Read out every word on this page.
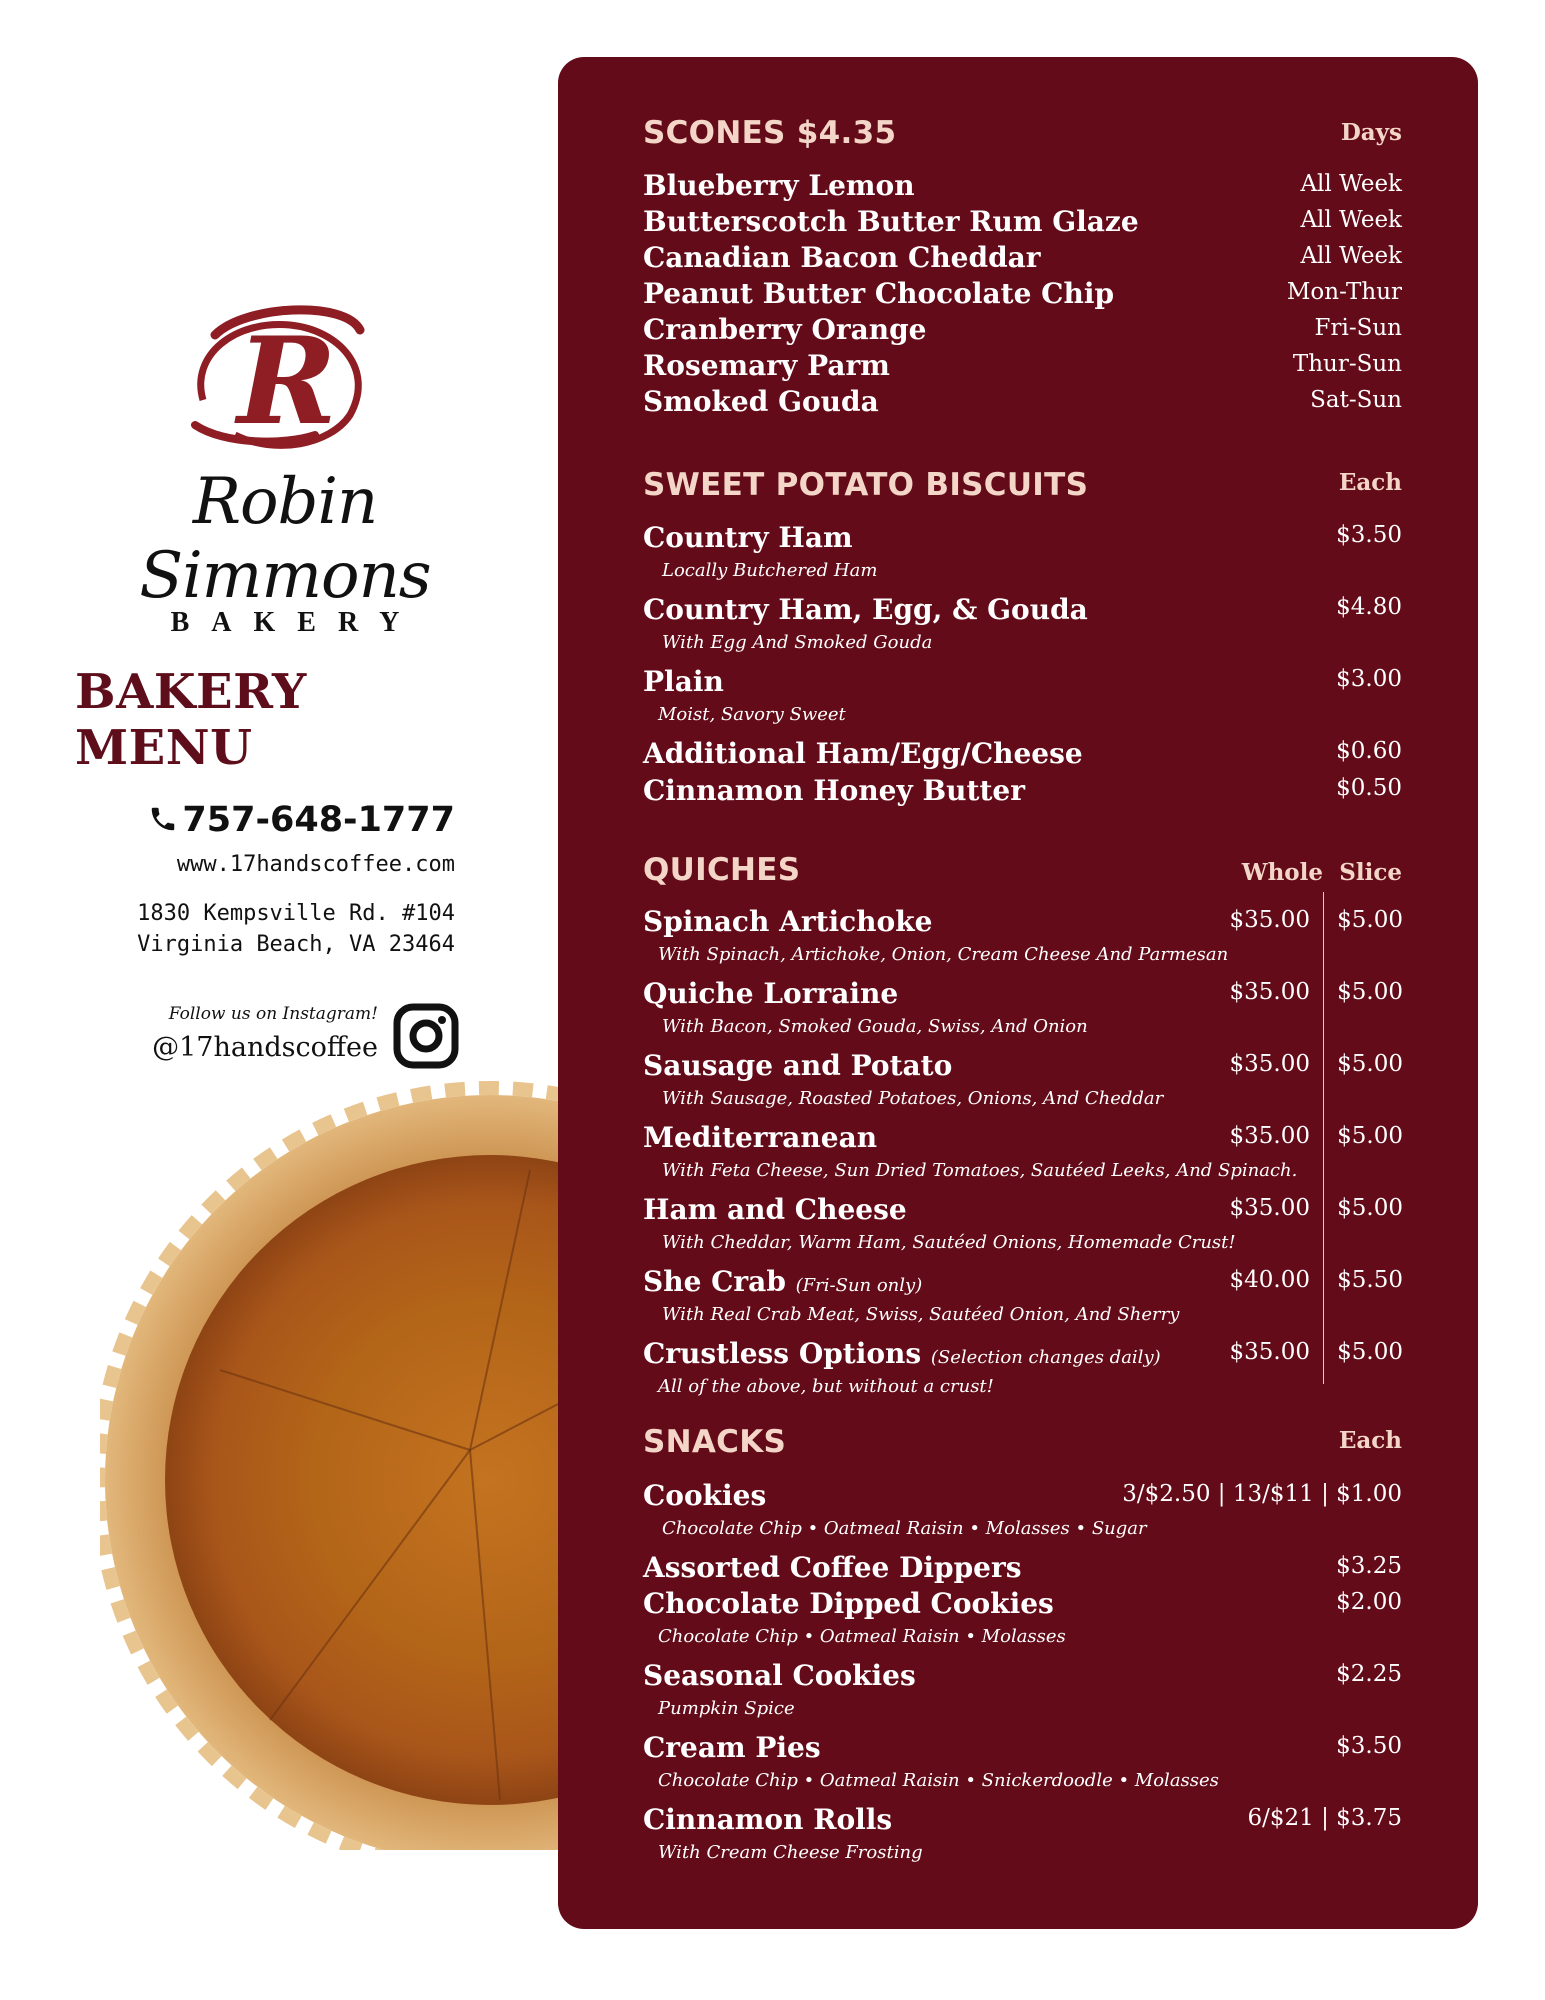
R
Robin Simmons
BAKERY
BAKERY MENU
757-648-1777
www.17handscoffee.com
1830 Kempsville Rd. #104
Virginia Beach, VA 23464
Follow us on Instagram!
@17handscoffee
SCONES $4.35	Days
Blueberry Lemon	All Week
Butterscotch Butter Rum Glaze	All Week
Canadian Bacon Cheddar	All Week
Peanut Butter Chocolate Chip	Mon-Thur
Cranberry Orange	Fri-Sun
Rosemary Parm	Thur-Sun
Smoked Gouda	Sat-Sun
SWEET POTATO BISCUITS	Each
Country Ham	$3.50
Locally Butchered Ham
Country Ham, Egg, & Gouda	$4.80
With Egg And Smoked Gouda
Plain	$3.00
Moist, Savory Sweet
Additional Ham/Egg/Cheese	$0.60
Cinnamon Honey Butter	$0.50
QUICHES	Whole Slice
Spinach Artichoke	$35.00 $5.00
With Spinach, Artichoke, Onion, Cream Cheese And Parmesan
Quiche Lorraine	$35.00 $5.00
With Bacon, Smoked Gouda, Swiss, And Onion
Sausage and Potato	$35.00 $5.00
With Sausage, Roasted Potatoes, Onions, And Cheddar
Mediterranean	$35.00 $5.00
With Feta Cheese, Sun Dried Tomatoes, Sautéed Leeks, And Spinach.
Ham and Cheese	$35.00 $5.00
With Cheddar, Warm Ham, Sautéed Onions, Homemade Crust!
She Crab (Fri-Sun only)	$40.00 $5.50
With Real Crab Meat, Swiss, Sautéed Onion, And Sherry
Crustless Options (Selection changes daily)	$35.00 $5.00
All of the above, but without a crust!
SNACKS	Each
Cookies	3/$2.50 | 13/$11 | $1.00
Chocolate Chip • Oatmeal Raisin • Molasses • Sugar
Assorted Coffee Dippers	$3.25
Chocolate Dipped Cookies	$2.00
Chocolate Chip • Oatmeal Raisin • Molasses
Seasonal Cookies	$2.25
Pumpkin Spice
Cream Pies	$3.50
Chocolate Chip • Oatmeal Raisin • Snickerdoodle • Molasses
Cinnamon Rolls	6/$21 | $3.75
With Cream Cheese Frosting
